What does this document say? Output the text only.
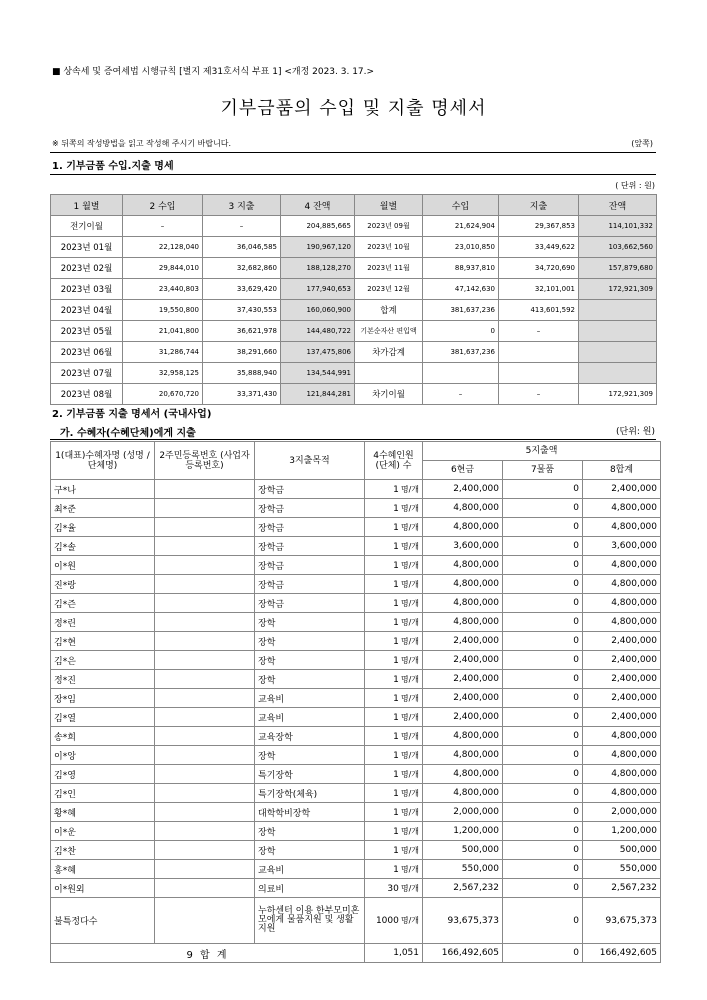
■ 상속세 및 증여세법 시행규칙 [별지 제31호서식 부표 1] <개정 2023. 3. 17.>
기부금품의 수입 및 지출 명세서
※ 뒤쪽의 작성방법을 읽고 작성해 주시기 바랍니다.	(앞쪽)
1. 기부금품 수입.지출 명세
( 단위 : 원)
1 월별	2 수입	3 지출	4 잔액	월별	수입	지출	잔액
전기이월	–	–	204,885,665	2023년 09월	21,624,904	29,367,853	114,101,332
2023년 01월	22,128,040	36,046,585	190,967,120	2023년 10월	23,010,850	33,449,622	103,662,560
2023년 02월	29,844,010	32,682,860	188,128,270	2023년 11월	88,937,810	34,720,690	157,879,680
2023년 03월	23,440,803	33,629,420	177,940,653	2023년 12월	47,142,630	32,101,001	172,921,309
2023년 04월	19,550,800	37,430,553	160,060,900	합계	381,637,236	413,601,592	
2023년 05월	21,041,800	36,621,978	144,480,722	기본순자산 편입액	0	–	
2023년 06월	31,286,744	38,291,660	137,475,806	차가감계	381,637,236		
2023년 07월	32,958,125	35,888,940	134,544,991				
2023년 08월	20,670,720	33,371,430	121,844,281	차기이월	–	–	172,921,309
2. 기부금품 지출 명세서 (국내사업)
가. 수혜자(수혜단체)에게 지출	(단위: 원)
1(대표)수혜자명 (성명 / 단체명)	2주민등록번호 (사업자등록번호)	3지출목적	4수혜인원 (단체) 수	5지출액		
				6현금	7물품	8합계
구*나		장학금	1 명/개	2,400,000	0	2,400,000
최*준		장학금	1 명/개	4,800,000	0	4,800,000
김*율		장학금	1 명/개	4,800,000	0	4,800,000
김*솔		장학금	1 명/개	3,600,000	0	3,600,000
이*원		장학금	1 명/개	4,800,000	0	4,800,000
진*랑		장학금	1 명/개	4,800,000	0	4,800,000
김*즌		장학금	1 명/개	4,800,000	0	4,800,000
정*린		장학	1 명/개	4,800,000	0	4,800,000
김*현		장학	1 명/개	2,400,000	0	2,400,000
김*은		장학	1 명/개	2,400,000	0	2,400,000
정*진		장학	1 명/개	2,400,000	0	2,400,000
장*임		교육비	1 명/개	2,400,000	0	2,400,000
김*열		교육비	1 명/개	2,400,000	0	2,400,000
송*희		교육장학	1 명/개	4,800,000	0	4,800,000
이*앙		장학	1 명/개	4,800,000	0	4,800,000
김*영		특기장학	1 명/개	4,800,000	0	4,800,000
김*인		특기장학(체육)	1 명/개	4,800,000	0	4,800,000
황*혜		대학학비장학	1 명/개	2,000,000	0	2,000,000
이*운		장학	1 명/개	1,200,000	0	1,200,000
김*찬		장학	1 명/개	500,000	0	500,000
홍*혜		교육비	1 명/개	550,000	0	550,000
이*원외		의료비	30 명/개	2,567,232	0	2,567,232
불특정다수		누하센터 이용 한부모미혼모에게 물품지원 및 생활지원	1000 명/개	93,675,373	0	93,675,373
9 합 계			1,051	166,492,605	0	166,492,605
